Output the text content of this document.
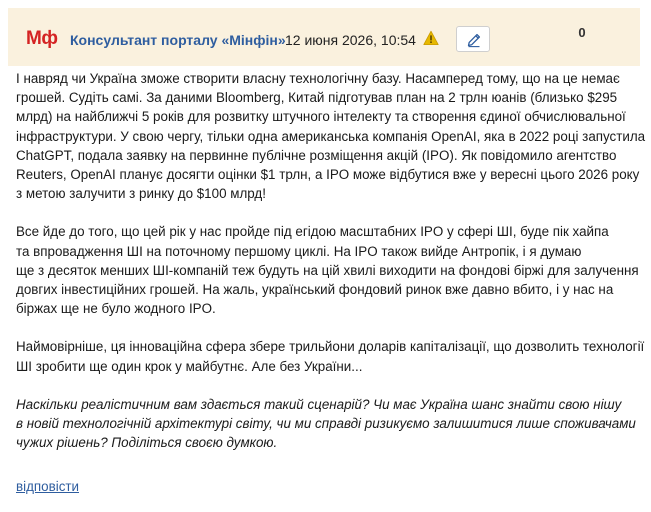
Мф Консультант порталу «Мінфін» 12 июня 2026, 10:54	0

І навряд чи Україна зможе створити власну технологічну базу. Насамперед тому, що на це немає
грошей. Судіть самі. За даними Bloomberg, Китай підготував план на 2 трлн юанів (близько $295
млрд) на найближчі 5 років для розвитку штучного інтелекту та створення єдиної обчислювальної
інфраструктури. У свою чергу, тільки одна американська компанія OpenAI, яка в 2022 році запустила
ChatGPT, подала заявку на первинне публічне розміщення акцій (IPO). Як повідомило агентство
Reuters, OpenAI планує досягти оцінки $1 трлн, а IPO може відбутися вже у вересні цього 2026 року
з метою залучити з ринку до $100 млрд!

Все йде до того, що цей рік у нас пройде під егідою масштабних IPO у сфері ШІ, буде пік хайпа
та впровадження ШІ на поточному першому циклі. На IPO також вийде Антропік, і я думаю
ще з десяток менших ШІ-компаній теж будуть на цій хвилі виходити на фондові біржі для залучення
довгих інвестиційних грошей. На жаль, український фондовий ринок вже давно вбито, і у нас на
біржах ще не було жодного IPO.

Наймовірніше, ця інноваційна сфера збере трильйони доларів капіталізації, що дозволить технології
ШІ зробити ще один крок у майбутнє. Але без України...

Наскільки реалістичним вам здається такий сценарій? Чи має Україна шанс знайти свою нішу
в новій технологічній архітектурі світу, чи ми справді ризикуємо залишитися лише споживачами
чужих рішень? Поділіться своєю думкою.

відповісти
